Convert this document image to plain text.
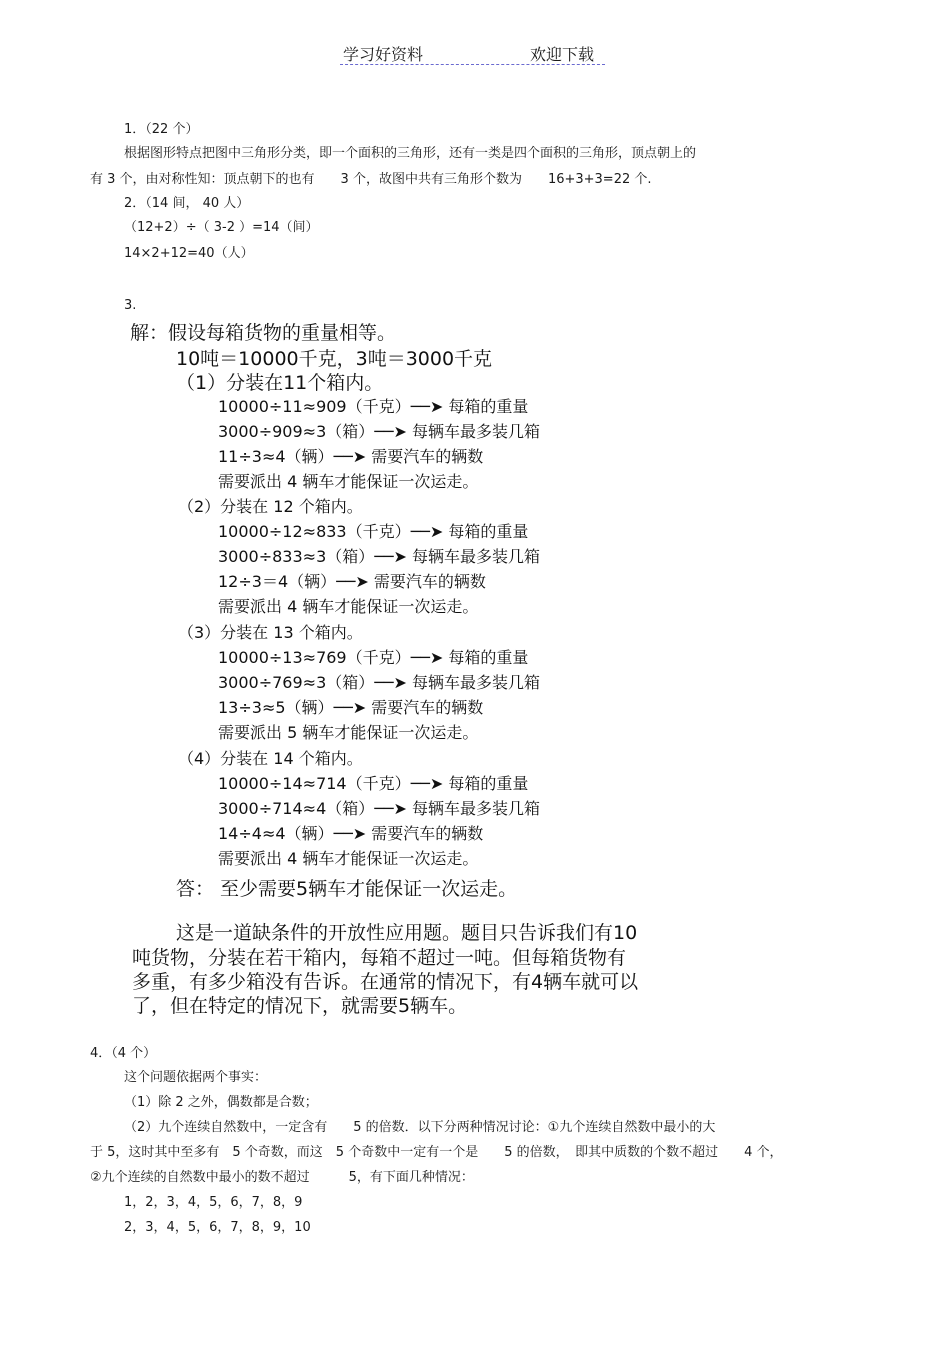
学习好资料	欢迎下载
1．（22 个）
根据图形特点把图中三角形分类，即一个面积的三角形，还有一类是四个面积的三角形，顶点朝上的
有 3 个，由对称性知：顶点朝下的也有　　3 个，故图中共有三角形个数为　　16+3+3=22 个.
2．（14 间， 40 人）
（12+2）÷（ 3-2 ）=14（间）
14×2+12=40（人）
3.
解：假设每箱货物的重量相等。
10吨＝10000千克，3吨＝3000千克
（1）分装在11个箱内。
10000÷11≈909（千克）──➤ 每箱的重量
3000÷909≈3（箱）──➤ 每辆车最多装几箱
11÷3≈4（辆）──➤ 需要汽车的辆数
需要派出 4 辆车才能保证一次运走。
（2）分装在 12 个箱内。
10000÷12≈833（千克）──➤ 每箱的重量
3000÷833≈3（箱）──➤ 每辆车最多装几箱
12÷3＝4（辆）──➤ 需要汽车的辆数
需要派出 4 辆车才能保证一次运走。
（3）分装在 13 个箱内。
10000÷13≈769（千克）──➤ 每箱的重量
3000÷769≈3（箱）──➤ 每辆车最多装几箱
13÷3≈5（辆）──➤ 需要汽车的辆数
需要派出 5 辆车才能保证一次运走。
（4）分装在 14 个箱内。
10000÷14≈714（千克）──➤ 每箱的重量
3000÷714≈4（箱）──➤ 每辆车最多装几箱
14÷4≈4（辆）──➤ 需要汽车的辆数
需要派出 4 辆车才能保证一次运走。
答： 至少需要5辆车才能保证一次运走。
这是一道缺条件的开放性应用题。题目只告诉我们有10
吨货物，分装在若干箱内，每箱不超过一吨。但每箱货物有
多重，有多少箱没有告诉。在通常的情况下，有4辆车就可以
了，但在特定的情况下，就需要5辆车。
4．（4 个）
这个问题依据两个事实：
（1）除 2 之外，偶数都是合数；
（2）九个连续自然数中，一定含有　　5 的倍数．以下分两种情况讨论：①九个连续自然数中最小的大
于 5，这时其中至多有　5 个奇数，而这　5 个奇数中一定有一个是　　5 的倍数，　即其中质数的个数不超过　　4 个，
②九个连续的自然数中最小的数不超过　　　5，有下面几种情况：
1，2，3，4，5，6，7，8，9
2，3，4，5，6，7，8，9，10
